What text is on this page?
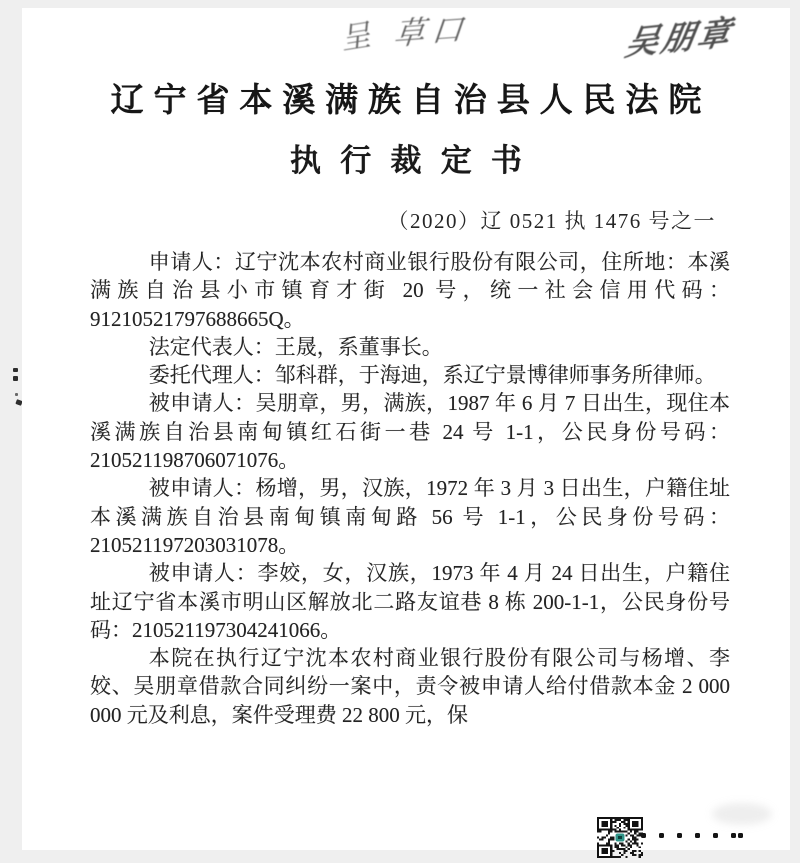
呈 草口	吴朋章
辽宁省本溪满族自治县人民法院
执行裁定书
（2020）辽 0521 执 1476 号之一

申请人：辽宁沈本农村商业银行股份有限公司，住所地：本溪满族自治县小市镇育才街 20 号，统一社会信用代码：91210521797688665Q。

法定代表人：王晟，系董事长。

委托代理人：邹科群，于海迪，系辽宁景博律师事务所律师。

被申请人：吴朋章，男，满族，1987 年 6 月 7 日出生，现住本溪满族自治县南甸镇红石街一巷 24 号 1-1，公民身份号码：210521198706071076。

被申请人：杨增，男，汉族，1972 年 3 月 3 日出生，户籍住址本溪满族自治县南甸镇南甸路 56 号 1-1，公民身份号码：210521197203031078。

被申请人：李姣，女，汉族，1973 年 4 月 24 日出生，户籍住址辽宁省本溪市明山区解放北二路友谊巷 8 栋 200-1-1，公民身份号码：210521197304241066。

本院在执行辽宁沈本农村商业银行股份有限公司与杨增、李姣、吴朋章借款合同纠纷一案中，责令被申请人给付借款本金 2 000 000 元及利息，案件受理费 22 800 元，保
